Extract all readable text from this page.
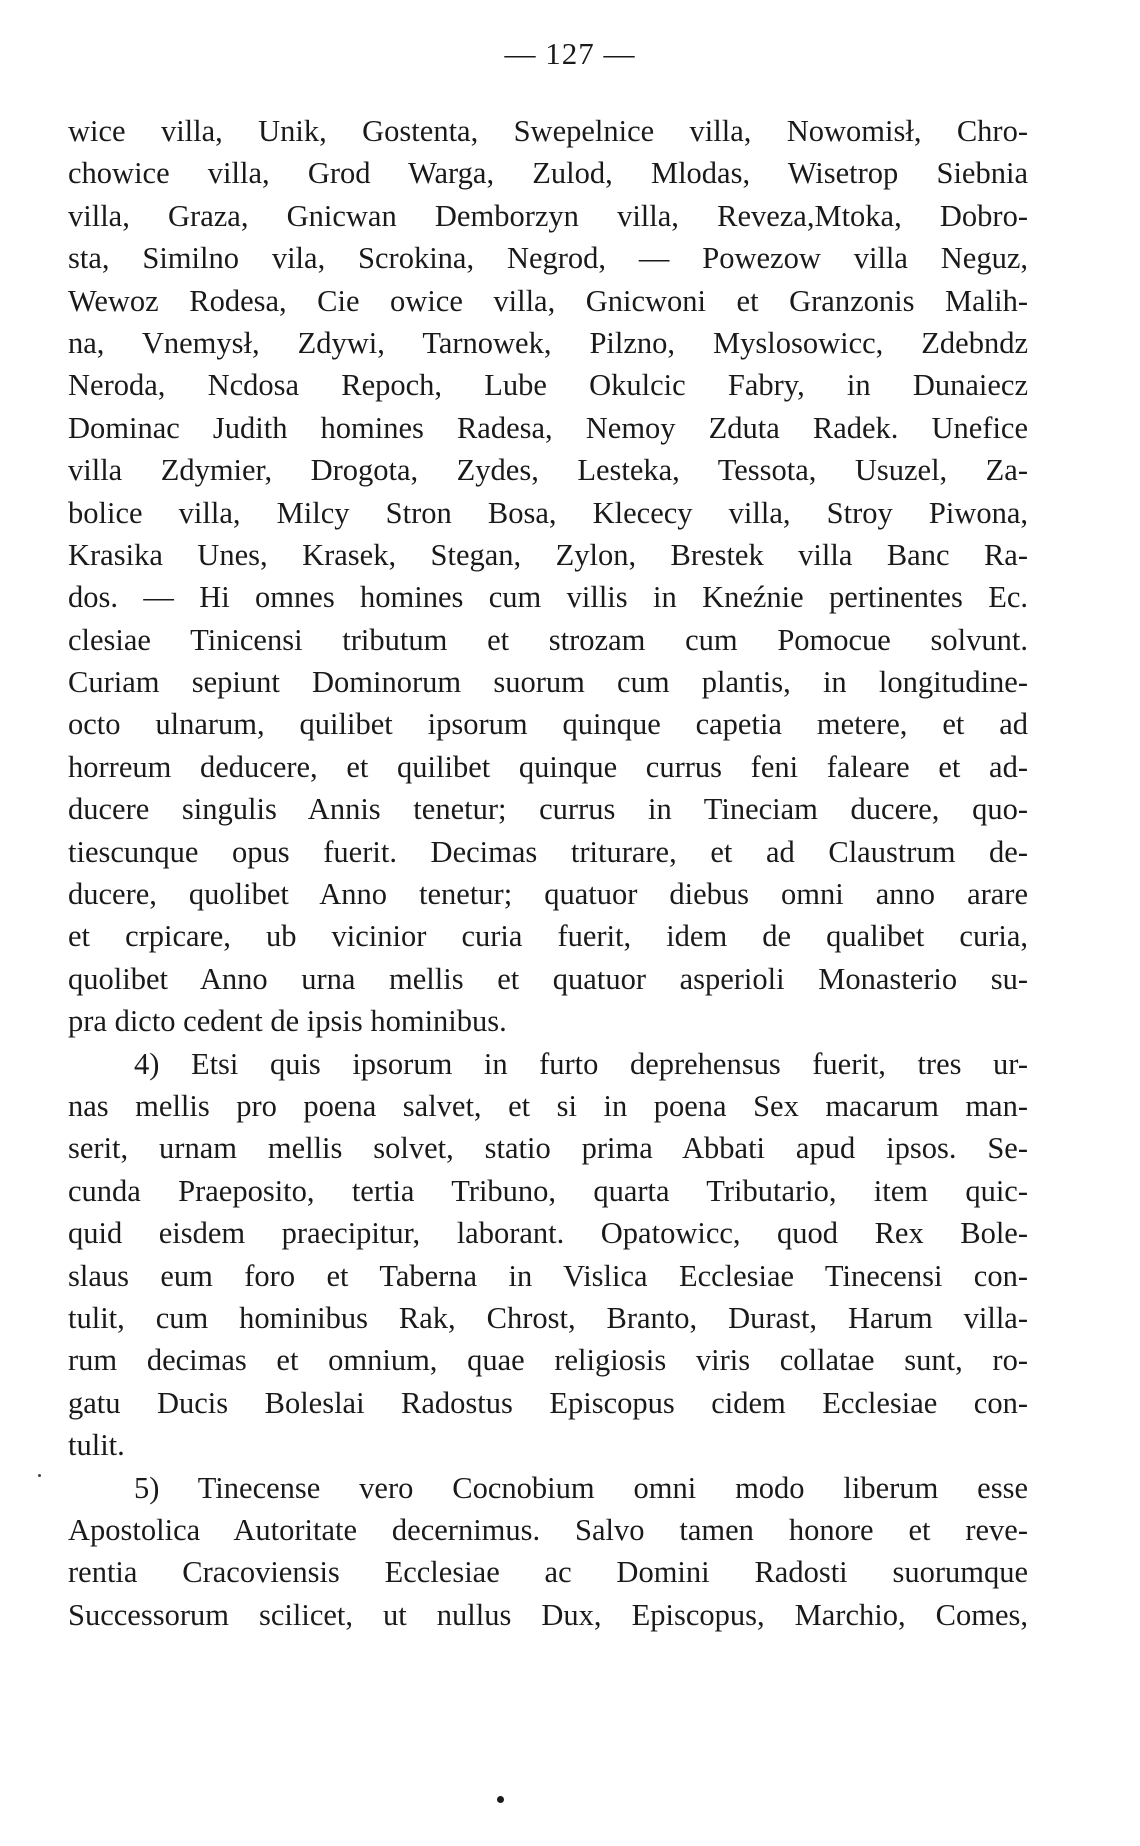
— 127 —
wice villa, Unik, Gostenta, Swepelnice villa, Nowomisł, Chro-
chowice villa, Grod Warga, Zulod, Mlodas, Wisetrop Siebnia
villa, Graza, Gnicwan Demborzyn villa, Reveza,Mtoka, Dobro-
sta, Similno vila, Scrokina, Negrod, — Powezow villa Neguz,
Wewoz Rodesa, Cie owice villa, Gnicwoni et Granzonis Malih-
na, Vnemysł, Zdywi, Tarnowek, Pilzno, Myslosowicc, Zdebndz
Neroda, Ncdosa Repoch, Lube Okulcic Fabry, in Dunaiecz
Dominac Judith homines Radesa, Nemoy Zduta Radek. Unefice
villa Zdymier, Drogota, Zydes, Lesteka, Tessota, Usuzel, Za-
bolice villa, Milcy Stron Bosa, Klececy villa, Stroy Piwona,
Krasika Unes, Krasek, Stegan, Zylon, Brestek villa Banc Ra-
dos. — Hi omnes homines cum villis in Kneźnie pertinentes Ec.
clesiae Tinicensi tributum et strozam cum Pomocue solvunt.
Curiam sepiunt Dominorum suorum cum plantis, in longitudine-
octo ulnarum, quilibet ipsorum quinque capetia metere, et ad
horreum deducere, et quilibet quinque currus feni faleare et ad-
ducere singulis Annis tenetur; currus in Tineciam ducere, quo-
tiescunque opus fuerit. Decimas triturare, et ad Claustrum de-
ducere, quolibet Anno tenetur; quatuor diebus omni anno arare
et crpicare, ub vicinior curia fuerit, idem de qualibet curia,
quolibet Anno urna mellis et quatuor asperioli Monasterio su-
pra dicto cedent de ipsis hominibus.
4) Etsi quis ipsorum in furto deprehensus fuerit, tres ur-
nas mellis pro poena salvet, et si in poena Sex macarum man-
serit, urnam mellis solvet, statio prima Abbati apud ipsos. Se-
cunda Praeposito, tertia Tribuno, quarta Tributario, item quic-
quid eisdem praecipitur, laborant. Opatowicc, quod Rex Bole-
slaus eum foro et Taberna in Vislica Ecclesiae Tinecensi con-
tulit, cum hominibus Rak, Chrost, Branto, Durast, Harum villa-
rum decimas et omnium, quae religiosis viris collatae sunt, ro-
gatu Ducis Boleslai Radostus Episcopus cidem Ecclesiae con-
tulit.
5) Tinecense vero Cocnobium omni modo liberum esse
Apostolica Autoritate decernimus. Salvo tamen honore et reve-
rentia Cracoviensis Ecclesiae ac Domini Radosti suorumque
Successorum scilicet, ut nullus Dux, Episcopus, Marchio, Comes,
